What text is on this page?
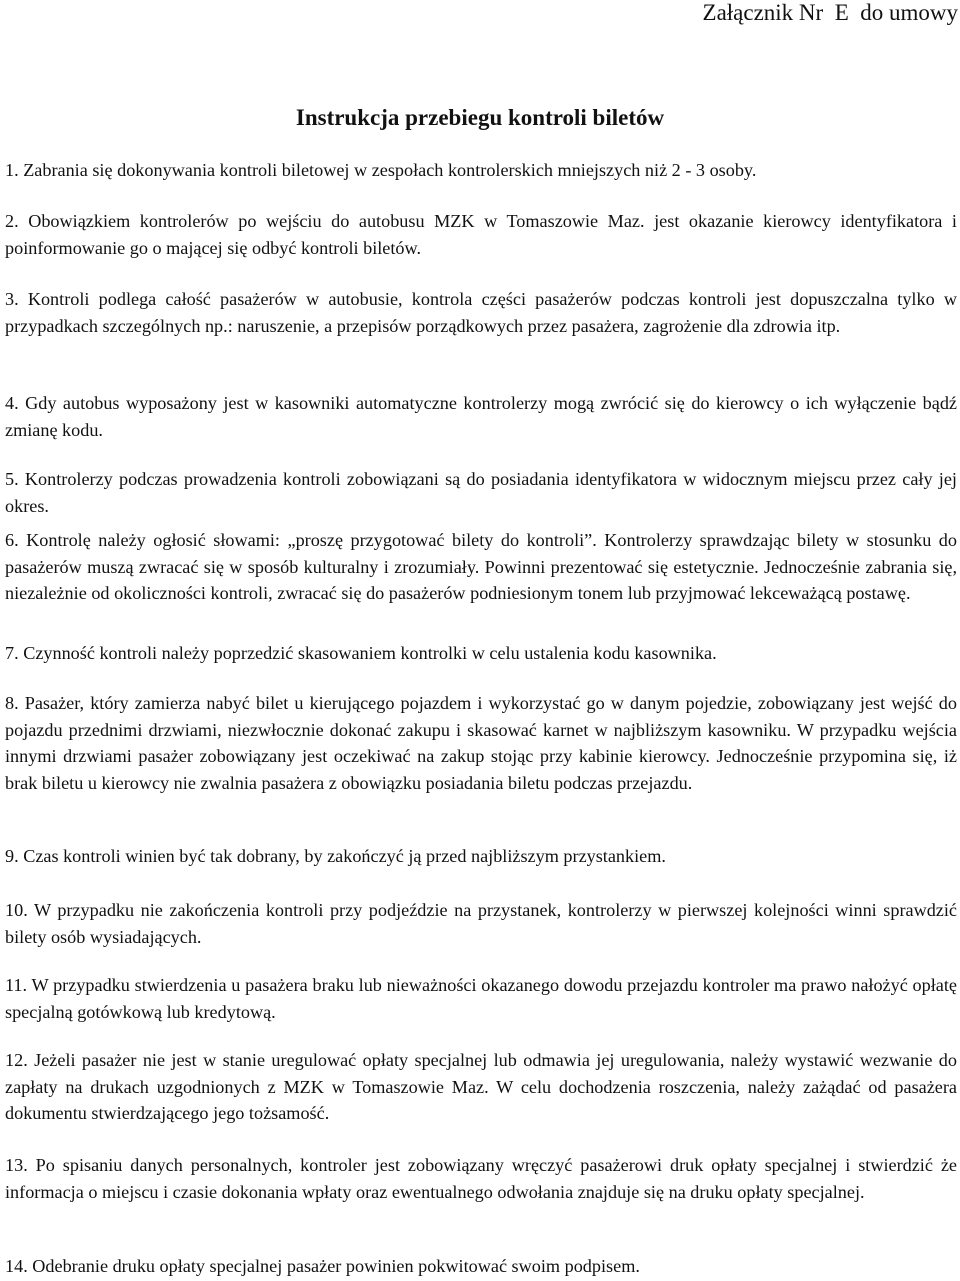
Załącznik Nr  E  do umowy
Instrukcja przebiegu kontroli biletów

1. Zabrania się dokonywania kontroli biletowej w zespołach kontrolerskich mniejszych niż 2 - 3 osoby.

2. Obowiązkiem kontrolerów po wejściu do autobusu MZK w Tomaszowie Maz. jest okazanie kierowcy identyfikatora i poinformowanie go o mającej się odbyć kontroli biletów.

3. Kontroli podlega całość pasażerów w autobusie, kontrola części pasażerów podczas kontroli jest dopuszczalna tylko w przypadkach szczególnych np.: naruszenie, a przepisów porządkowych przez pasażera, zagrożenie dla zdrowia itp.

4. Gdy autobus wyposażony jest w kasowniki automatyczne kontrolerzy mogą zwrócić się do kierowcy o ich wyłączenie bądź zmianę kodu.

5. Kontrolerzy podczas prowadzenia kontroli zobowiązani są do posiadania identyfikatora w widocznym miejscu przez cały jej okres.

6. Kontrolę należy ogłosić słowami: „proszę przygotować bilety do kontroli”. Kontrolerzy sprawdzając bilety w stosunku do pasażerów muszą zwracać się w sposób kulturalny i zrozumiały. Powinni prezentować się estetycznie. Jednocześnie zabrania się, niezależnie od okoliczności kontroli, zwracać się do pasażerów podniesionym tonem lub przyjmować lekceważącą postawę.

7. Czynność kontroli należy poprzedzić skasowaniem kontrolki w celu ustalenia kodu kasownika.

8. Pasażer, który zamierza nabyć bilet u kierującego pojazdem i wykorzystać go w danym pojedzie, zobowiązany jest wejść do pojazdu przednimi drzwiami, niezwłocznie dokonać zakupu i skasować karnet w najbliższym kasowniku. W przypadku wejścia innymi drzwiami pasażer zobowiązany jest oczekiwać na zakup stojąc przy kabinie kierowcy. Jednocześnie przypomina się, iż brak biletu u kierowcy nie zwalnia pasażera z obowiązku posiadania biletu podczas przejazdu.

9. Czas kontroli winien być tak dobrany, by zakończyć ją przed najbliższym przystankiem.

10. W przypadku nie zakończenia kontroli przy podjeździe na przystanek, kontrolerzy w pierwszej kolejności winni sprawdzić bilety osób wysiadających.

11. W przypadku stwierdzenia u pasażera braku lub nieważności okazanego dowodu przejazdu kontroler ma prawo nałożyć opłatę specjalną gotówkową lub kredytową.

12. Jeżeli pasażer nie jest w stanie uregulować opłaty specjalnej lub odmawia jej uregulowania, należy wystawić wezwanie do zapłaty na drukach uzgodnionych z MZK w Tomaszowie Maz. W celu dochodzenia roszczenia, należy zażądać od pasażera dokumentu stwierdzającego jego tożsamość.

13. Po spisaniu danych personalnych, kontroler jest zobowiązany wręczyć pasażerowi druk opłaty specjalnej i stwierdzić że informacja o miejscu i czasie dokonania wpłaty oraz ewentualnego odwołania znajduje się na druku opłaty specjalnej.

14. Odebranie druku opłaty specjalnej pasażer powinien pokwitować swoim podpisem.
